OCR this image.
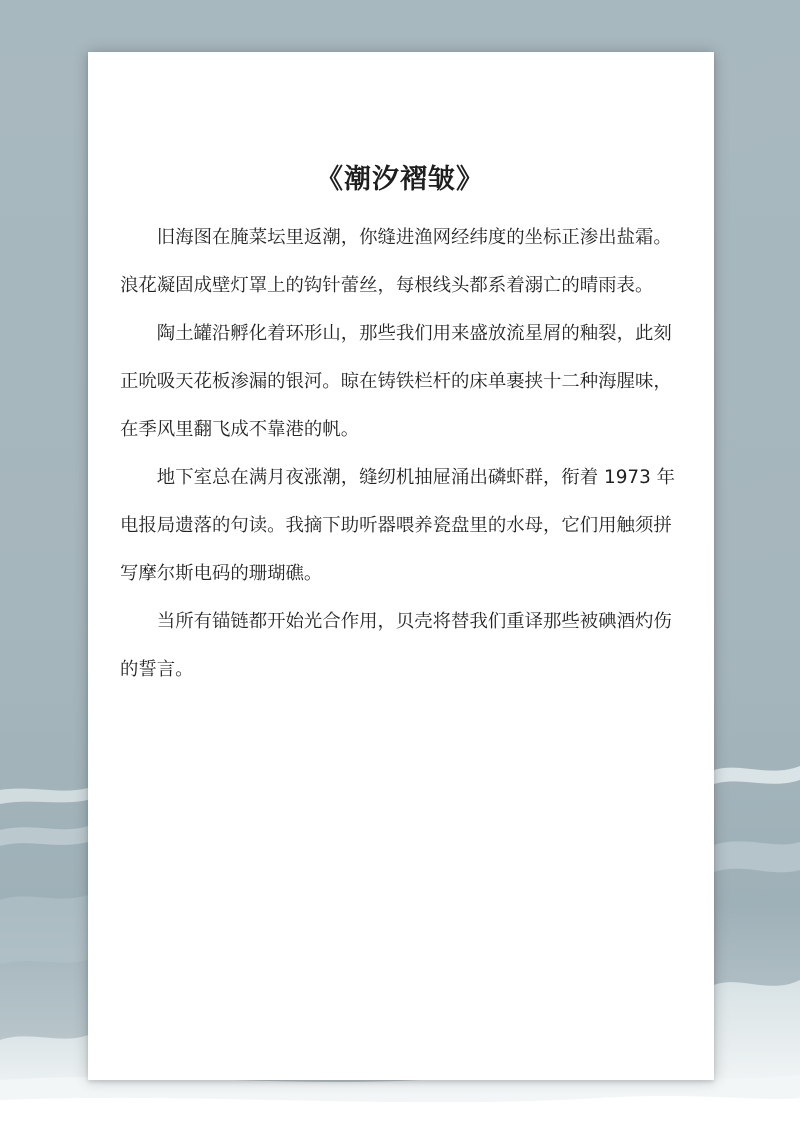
《潮汐褶皱》

旧海图在腌菜坛里返潮，你缝进渔网经纬度的坐标正渗出盐霜。
浪花凝固成壁灯罩上的钩针蕾丝，每根线头都系着溺亡的晴雨表。

陶土罐沿孵化着环形山，那些我们用来盛放流星屑的釉裂，此刻
正吮吸天花板渗漏的银河。晾在铸铁栏杆的床单裹挟十二种海腥味，
在季风里翻飞成不靠港的帆。

地下室总在满月夜涨潮，缝纫机抽屉涌出磷虾群，衔着 1973 年
电报局遗落的句读。我摘下助听器喂养瓷盘里的水母，它们用触须拼
写摩尔斯电码的珊瑚礁。

当所有锚链都开始光合作用，贝壳将替我们重译那些被碘酒灼伤
的誓言。
